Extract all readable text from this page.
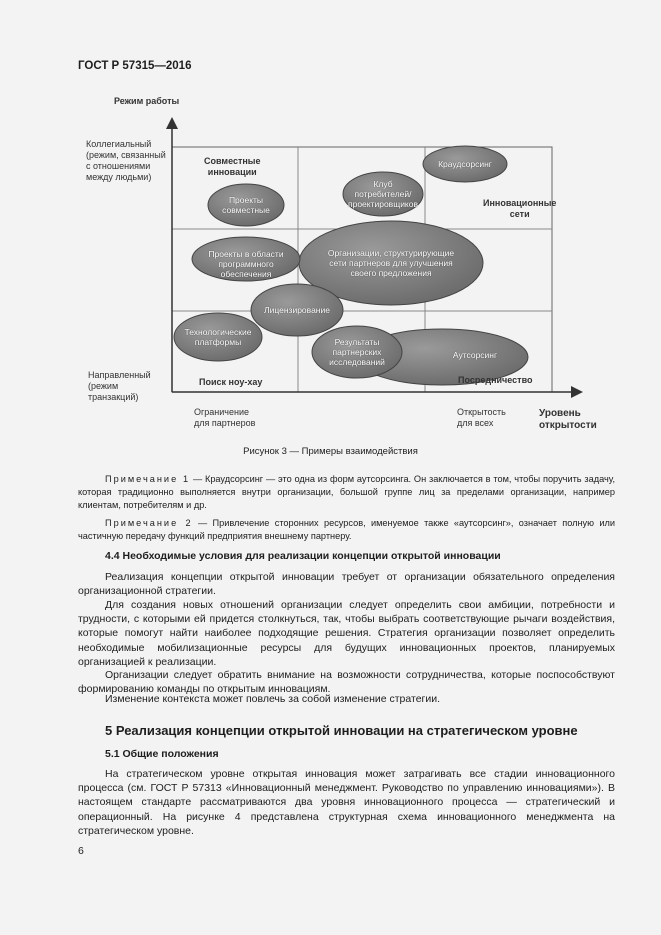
ГОСТ Р 57315—2016
Режим работы
Коллегиальный
(режим, связанный
с отношениями
между людьми)
Направленный
(режим
транзакций)
Ограничение
для партнеров
Открытость
для всех
Уровень
открытости
Совместные
инновации
Инновационные
сети
Поиск ноу-хау	Посредничество
Проекты
совместные
Клуб
потребителей/
проектировщиков
Краудсорсинг
Организации, структурирующие
сети партнеров для улучшения
своего предложения
Проекты в области
программного обеспечения
Лицензирование
Технологические
платформы
Аутсорсинг
Результаты
партнерских
исследований
Рисунок 3 — Примеры взаимодействия
Примечание 1 — Краудсорсинг — это одна из форм аутсорсинга. Он заключается в том, чтобы поручить задачу, которая традиционно выполняется внутри организации, большой группе лиц за пределами организации, например клиентам, потребителям и др.
Примечание 2 — Привлечение сторонних ресурсов, именуемое также «аутсорсинг», означает полную или частичную передачу функций предприятия внешнему партнеру.
4.4 Необходимые условия для реализации концепции открытой инновации
Реализация концепции открытой инновации требует от организации обязательного определения организационной стратегии.
Для создания новых отношений организации следует определить свои амбиции, потребности и трудности, с которыми ей придется столкнуться, так, чтобы выбрать соответствующие рычаги воздействия, которые помогут найти наиболее подходящие решения. Стратегия организации позволяет определить необходимые мобилизационные ресурсы для будущих инновационных проектов, планируемых организацией к реализации.
Организации следует обратить внимание на возможности сотрудничества, которые поспособствуют формированию команды по открытым инновациям.
Изменение контекста может повлечь за собой изменение стратегии.
5 Реализация концепции открытой инновации на стратегическом уровне
5.1 Общие положения
На стратегическом уровне открытая инновация может затрагивать все стадии инновационного процесса (см. ГОСТ Р 57313 «Инновационный менеджмент. Руководство по управлению инновациями»). В настоящем стандарте рассматриваются два уровня инновационного процесса — стратегический и операционный. На рисунке 4 представлена структурная схема инновационного менеджмента на стратегическом уровне.
6
